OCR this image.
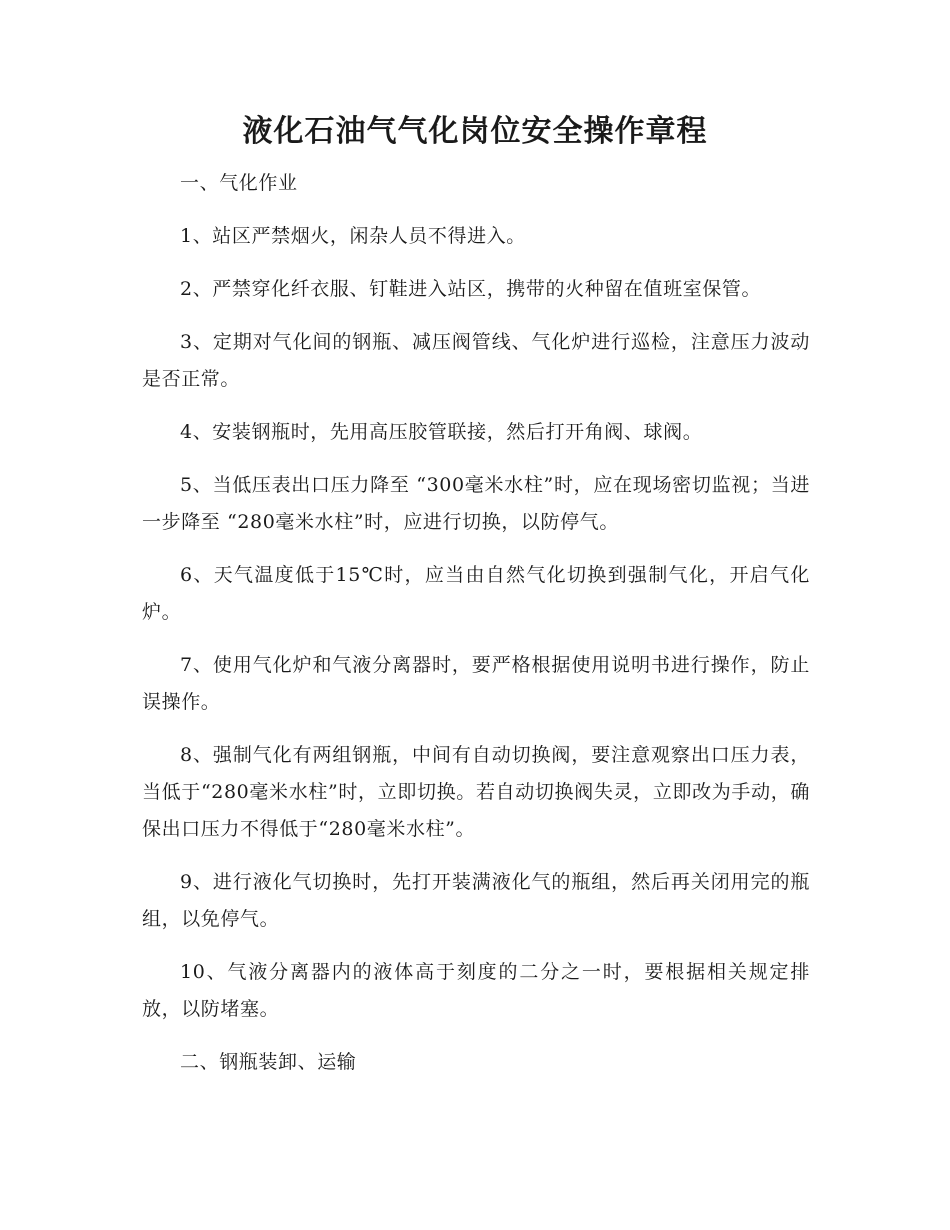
液化石油气气化岗位安全操作章程

一、气化作业

1、站区严禁烟火，闲杂人员不得进入。

2、严禁穿化纤衣服、钉鞋进入站区，携带的火种留在值班室保管。

3、定期对气化间的钢瓶、减压阀管线、气化炉进行巡检，注意压力波动是否正常。

4、安装钢瓶时，先用高压胶管联接，然后打开角阀、球阀。

5、当低压表出口压力降至 “300毫米水柱”时，应在现场密切监视；当进一步降至 “280毫米水柱”时，应进行切换，以防停气。

6、天气温度低于15℃时，应当由自然气化切换到强制气化，开启气化炉。

7、使用气化炉和气液分离器时，要严格根据使用说明书进行操作，防止误操作。

8、强制气化有两组钢瓶，中间有自动切换阀，要注意观察出口压力表，当低于“280毫米水柱”时，立即切换。若自动切换阀失灵，立即改为手动，确保出口压力不得低于“280毫米水柱”。

9、进行液化气切换时，先打开装满液化气的瓶组，然后再关闭用完的瓶组，以免停气。

10、气液分离器内的液体高于刻度的二分之一时，要根据相关规定排放，以防堵塞。

二、钢瓶装卸、运输
